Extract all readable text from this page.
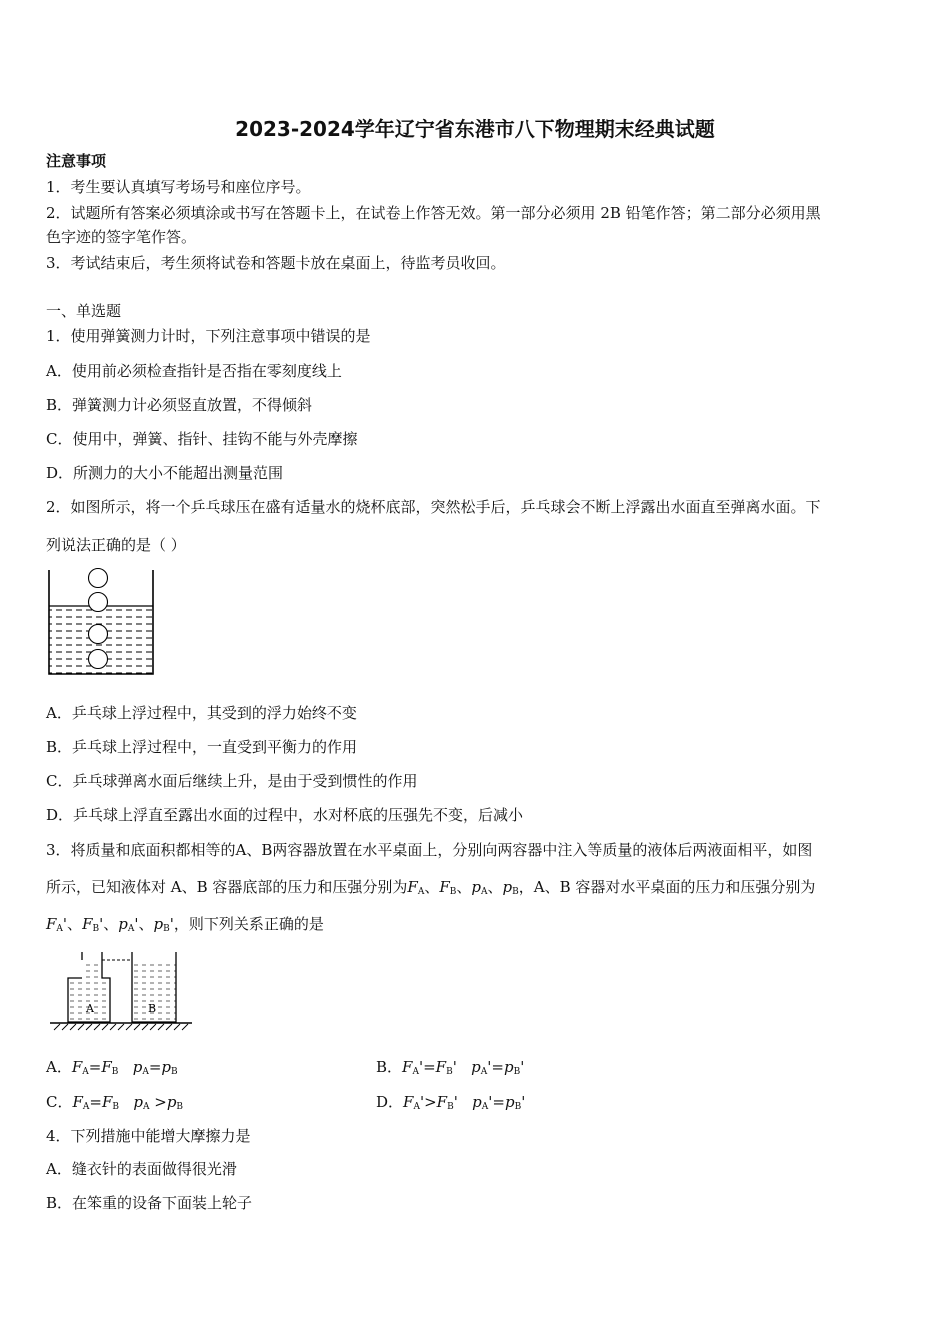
2023-2024学年辽宁省东港市八下物理期末经典试题
注意事项
1．考生要认真填写考场号和座位序号。
2．试题所有答案必须填涂或书写在答题卡上，在试卷上作答无效。第一部分必须用 2B 铅笔作答；第二部分必须用黑
色字迹的签字笔作答。
3．考试结束后，考生须将试卷和答题卡放在桌面上，待监考员收回。
一、单选题
1．使用弹簧测力计时，下列注意事项中错误的是
A．使用前必须检查指针是否指在零刻度线上
B．弹簧测力计必须竖直放置，不得倾斜
C．使用中，弹簧、指针、挂钩不能与外壳摩擦
D．所测力的大小不能超出测量范围
2．如图所示，将一个乒乓球压在盛有适量水的烧杯底部，突然松手后，乒乓球会不断上浮露出水面直至弹离水面。下
列说法正确的是（ ）
A．乒乓球上浮过程中，其受到的浮力始终不变
B．乒乓球上浮过程中，一直受到平衡力的作用
C．乒乓球弹离水面后继续上升，是由于受到惯性的作用
D．乒乓球上浮直至露出水面的过程中，水对杯底的压强先不变，后减小
3．将质量和底面积都相等的A、B两容器放置在水平桌面上，分别向两容器中注入等质量的液体后两液面相平，如图
所示，已知液体对 A、B 容器底部的压力和压强分别为$F_A$、$F_B$、$p_A$、$p_B$，A、B 容器对水平桌面的压力和压强分别为
$F_A'$、$F_B'$、$p_A'$、$p_B'$，则下列关系正确的是
A	B
A．$F_A=F_B$ $p_A=p_B$	B．$F_A'=F_B'$ $p_A'=p_B'$
C．$F_A=F_B$ $p_A >p_B$	D．$F_A'>F_B'$ $p_A'=p_B'$
4．下列措施中能增大摩擦力是
A．缝衣针的表面做得很光滑
B．在笨重的设备下面装上轮子
